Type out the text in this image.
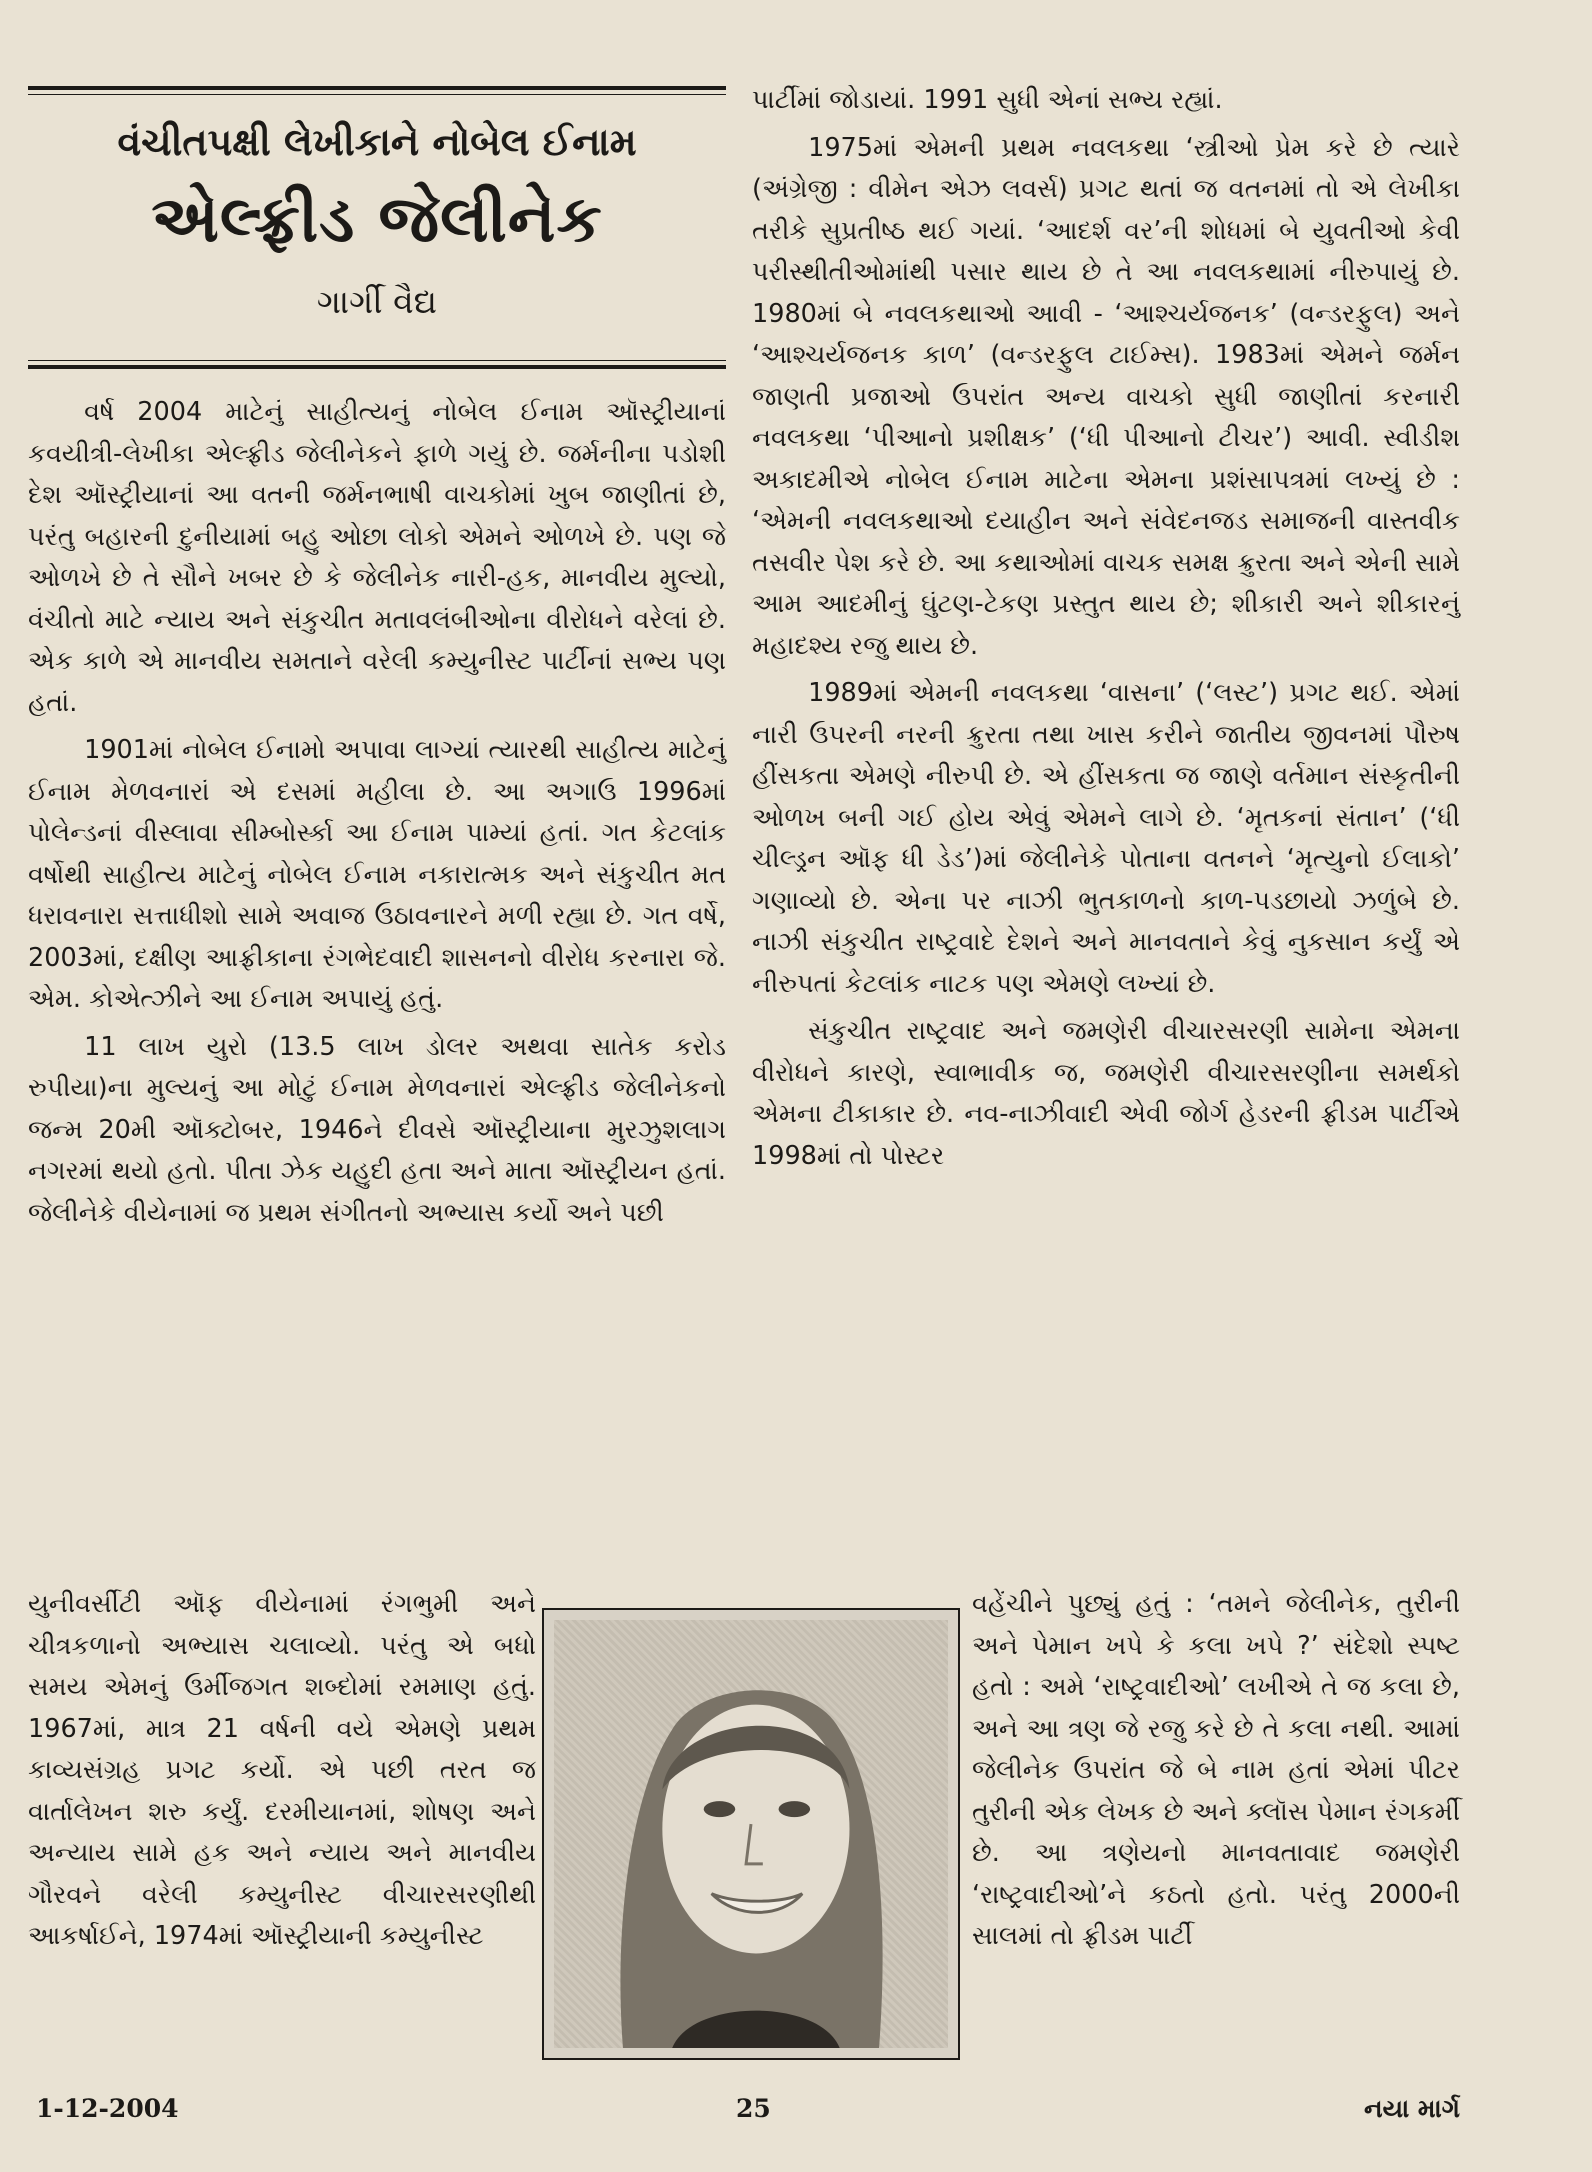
વંચીતપક્ષી લેખીકાને નોબેલ ઈનામ
એલ્ફ્રીડ જેલીનેક
ગાર્ગી વૈદ્ય

વર્ષ 2004 માટેનું સાહીત્યનું નોબેલ ઈનામ ઑસ્ટ્રીયાનાં કવયીત્રી-લેખીકા એલ્ફ્રીડ જેલીનેકને ફાળે ગયું છે. જર્મનીના પડોશી દેશ ઑસ્ટ્રીયાનાં આ વતની જર્મનભાષી વાચકોમાં ખુબ જાણીતાં છે, પરંતુ બહારની દુનીયામાં બહુ ઓછા લોકો એમને ઓળખે છે. પણ જે ઓળખે છે તે સૌને ખબર છે કે જેલીનેક નારી-હક, માનવીય મુલ્યો, વંચીતો માટે ન્યાય અને સંકુચીત મતાવલંબીઓના વીરોધને વરેલાં છે. એક કાળે એ માનવીય સમતાને વરેલી કમ્યુનીસ્ટ પાર્ટીનાં સભ્ય પણ હતાં.

1901માં નોબેલ ઈનામો અપાવા લાગ્યાં ત્યારથી સાહીત્ય માટેનું ઈનામ મેળવનારાં એ દસમાં મહીલા છે. આ અગાઉ 1996માં પોલેન્ડનાં વીસ્લાવા સીમ્બોર્સ્કા આ ઈનામ પામ્યાં હતાં. ગત કેટલાંક વર્ષોથી સાહીત્ય માટેનું નોબેલ ઈનામ નકારાત્મક અને સંકુચીત મત ધરાવનારા સત્તાધીશો સામે અવાજ ઉઠાવનારને મળી રહ્યા છે. ગત વર્ષે, 2003માં, દક્ષીણ આફ્રીકાના રંગભેદવાદી શાસનનો વીરોધ કરનારા જે. એમ. કોએત્ઝીને આ ઈનામ અપાયું હતું.

11 લાખ યુરો (13.5 લાખ ડોલર અથવા સાતેક કરોડ રુપીયા)ના મુલ્યનું આ મોટું ઈનામ મેળવનારાં એલ્ફ્રીડ જેલીનેકનો જન્મ 20મી ઑક્ટોબર, 1946ને દીવસે ઑસ્ટ્રીયાના મુરઝુશલાગ નગરમાં થયો હતો. પીતા ઝેક યહુદી હતા અને માતા ઑસ્ટ્રીયન હતાં. જેલીનેકે વીયેનામાં જ પ્રથમ સંગીતનો અભ્યાસ કર્યો અને પછી

યુનીવર્સીટી ઑફ વીયેનામાં રંગભુમી અને ચીત્રકળાનો અભ્યાસ ચલાવ્યો. પરંતુ એ બધો સમય એમનું ઉર્મીજગત શબ્દોમાં રમમાણ હતું. 1967માં, માત્ર 21 વર્ષની વયે એમણે પ્રથમ કાવ્યસંગ્રહ પ્રગટ કર્યો. એ પછી તરત જ વાર્તાલેખન શરુ કર્યું. દરમીયાનમાં, શોષણ અને અન્યાય સામે હક અને ન્યાય અને માનવીય ગૌરવને વરેલી કમ્યુનીસ્ટ વીચારસરણીથી આકર્ષાઈને, 1974માં ઑસ્ટ્રીયાની કમ્યુનીસ્ટ

પાર્ટીમાં જોડાયાં. 1991 સુધી એનાં સભ્ય રહ્યાં.

1975માં એમની પ્રથમ નવલકથા ‘સ્ત્રીઓ પ્રેમ કરે છે ત્યારે (અંગ્રેજી : વીમેન એઝ લવર્સ) પ્રગટ થતાં જ વતનમાં તો એ લેખીકા તરીકે સુપ્રતીષ્ઠ થઈ ગયાં. ‘આદર્શ વર’ની શોધમાં બે યુવતીઓ કેવી પરીસ્થીતીઓમાંથી પસાર થાય છે તે આ નવલકથામાં નીરુપાયું છે. 1980માં બે નવલકથાઓ આવી - ‘આશ્ચર્યજનક’ (વન્ડરફુલ) અને ‘આશ્ચર્યજનક કાળ’ (વન્ડરફુલ ટાઈમ્સ). 1983માં એમને જર્મન જાણતી પ્રજાઓ ઉપરાંત અન્ય વાચકો સુધી જાણીતાં કરનારી નવલકથા ‘પીઆનો પ્રશીક્ષક’ (‘ધી પીઆનો ટીચર’) આવી. સ્વીડીશ અકાદમીએ નોબેલ ઈનામ માટેના એમના પ્રશંસાપત્રમાં લખ્યું છે : ‘એમની નવલકથાઓ દયાહીન અને સંવેદનજડ સમાજની વાસ્તવીક તસવીર પેશ કરે છે. આ કથાઓમાં વાચક સમક્ષ ક્રુરતા અને એની સામે આમ આદમીનું ઘુંટણ-ટેકણ પ્રસ્તુત થાય છે; શીકારી અને શીકારનું મહાદશ્ય રજુ થાય છે.

1989માં એમની નવલકથા ‘વાસના’ (‘લસ્ટ’) પ્રગટ થઈ. એમાં નારી ઉપરની નરની ક્રુરતા તથા ખાસ કરીને જાતીય જીવનમાં પૌરુષ હીંસકતા એમણે નીરુપી છે. એ હીંસકતા જ જાણે વર્તમાન સંસ્કૃતીની ઓળખ બની ગઈ હોય એવું એમને લાગે છે. ‘મૃતકનાં સંતાન’ (‘ધી ચીલ્ડ્રન ઑફ ધી ડેડ’)માં જેલીનેકે પોતાના વતનને ‘મૃત્યુનો ઈલાકો’ ગણાવ્યો છે. એના પર નાઝી ભુતકાળનો કાળ-પડછાયો ઝળુંબે છે. નાઝી સંકુચીત રાષ્ટ્રવાદે દેશને અને માનવતાને કેવું નુકસાન કર્યું એ નીરુપતાં કેટલાંક નાટક પણ એમણે લખ્યાં છે.

સંકુચીત રાષ્ટ્રવાદ અને જમણેરી વીચારસરણી સામેના એમના વીરોધને કારણે, સ્વાભાવીક જ, જમણેરી વીચારસરણીના સમર્થકો એમના ટીકાકાર છે. નવ-નાઝીવાદી એવી જોર્ગ હેડરની ફ્રીડમ પાર્ટીએ 1998માં તો પોસ્ટર

વહેંચીને પુછ્યું હતું : ‘તમને જેલીનેક, તુરીની અને પેમાન ખપે કે કલા ખપે ?’ સંદેશો સ્પષ્ટ હતો : અમે ‘રાષ્ટ્રવાદીઓ’ લખીએ તે જ કલા છે, અને આ ત્રણ જે રજુ કરે છે તે કલા નથી. આમાં જેલીનેક ઉપરાંત જે બે નામ હતાં એમાં પીટર તુરીની એક લેખક છે અને ક્લૉસ પેમાન રંગકર્મી છે. આ ત્રણેયનો માનવતાવાદ જમણેરી ‘રાષ્ટ્રવાદીઓ’ને કઠતો હતો. પરંતુ 2000ની સાલમાં તો ફ્રીડમ પાર્ટી

1-12-2004	25	નયા માર્ગ
